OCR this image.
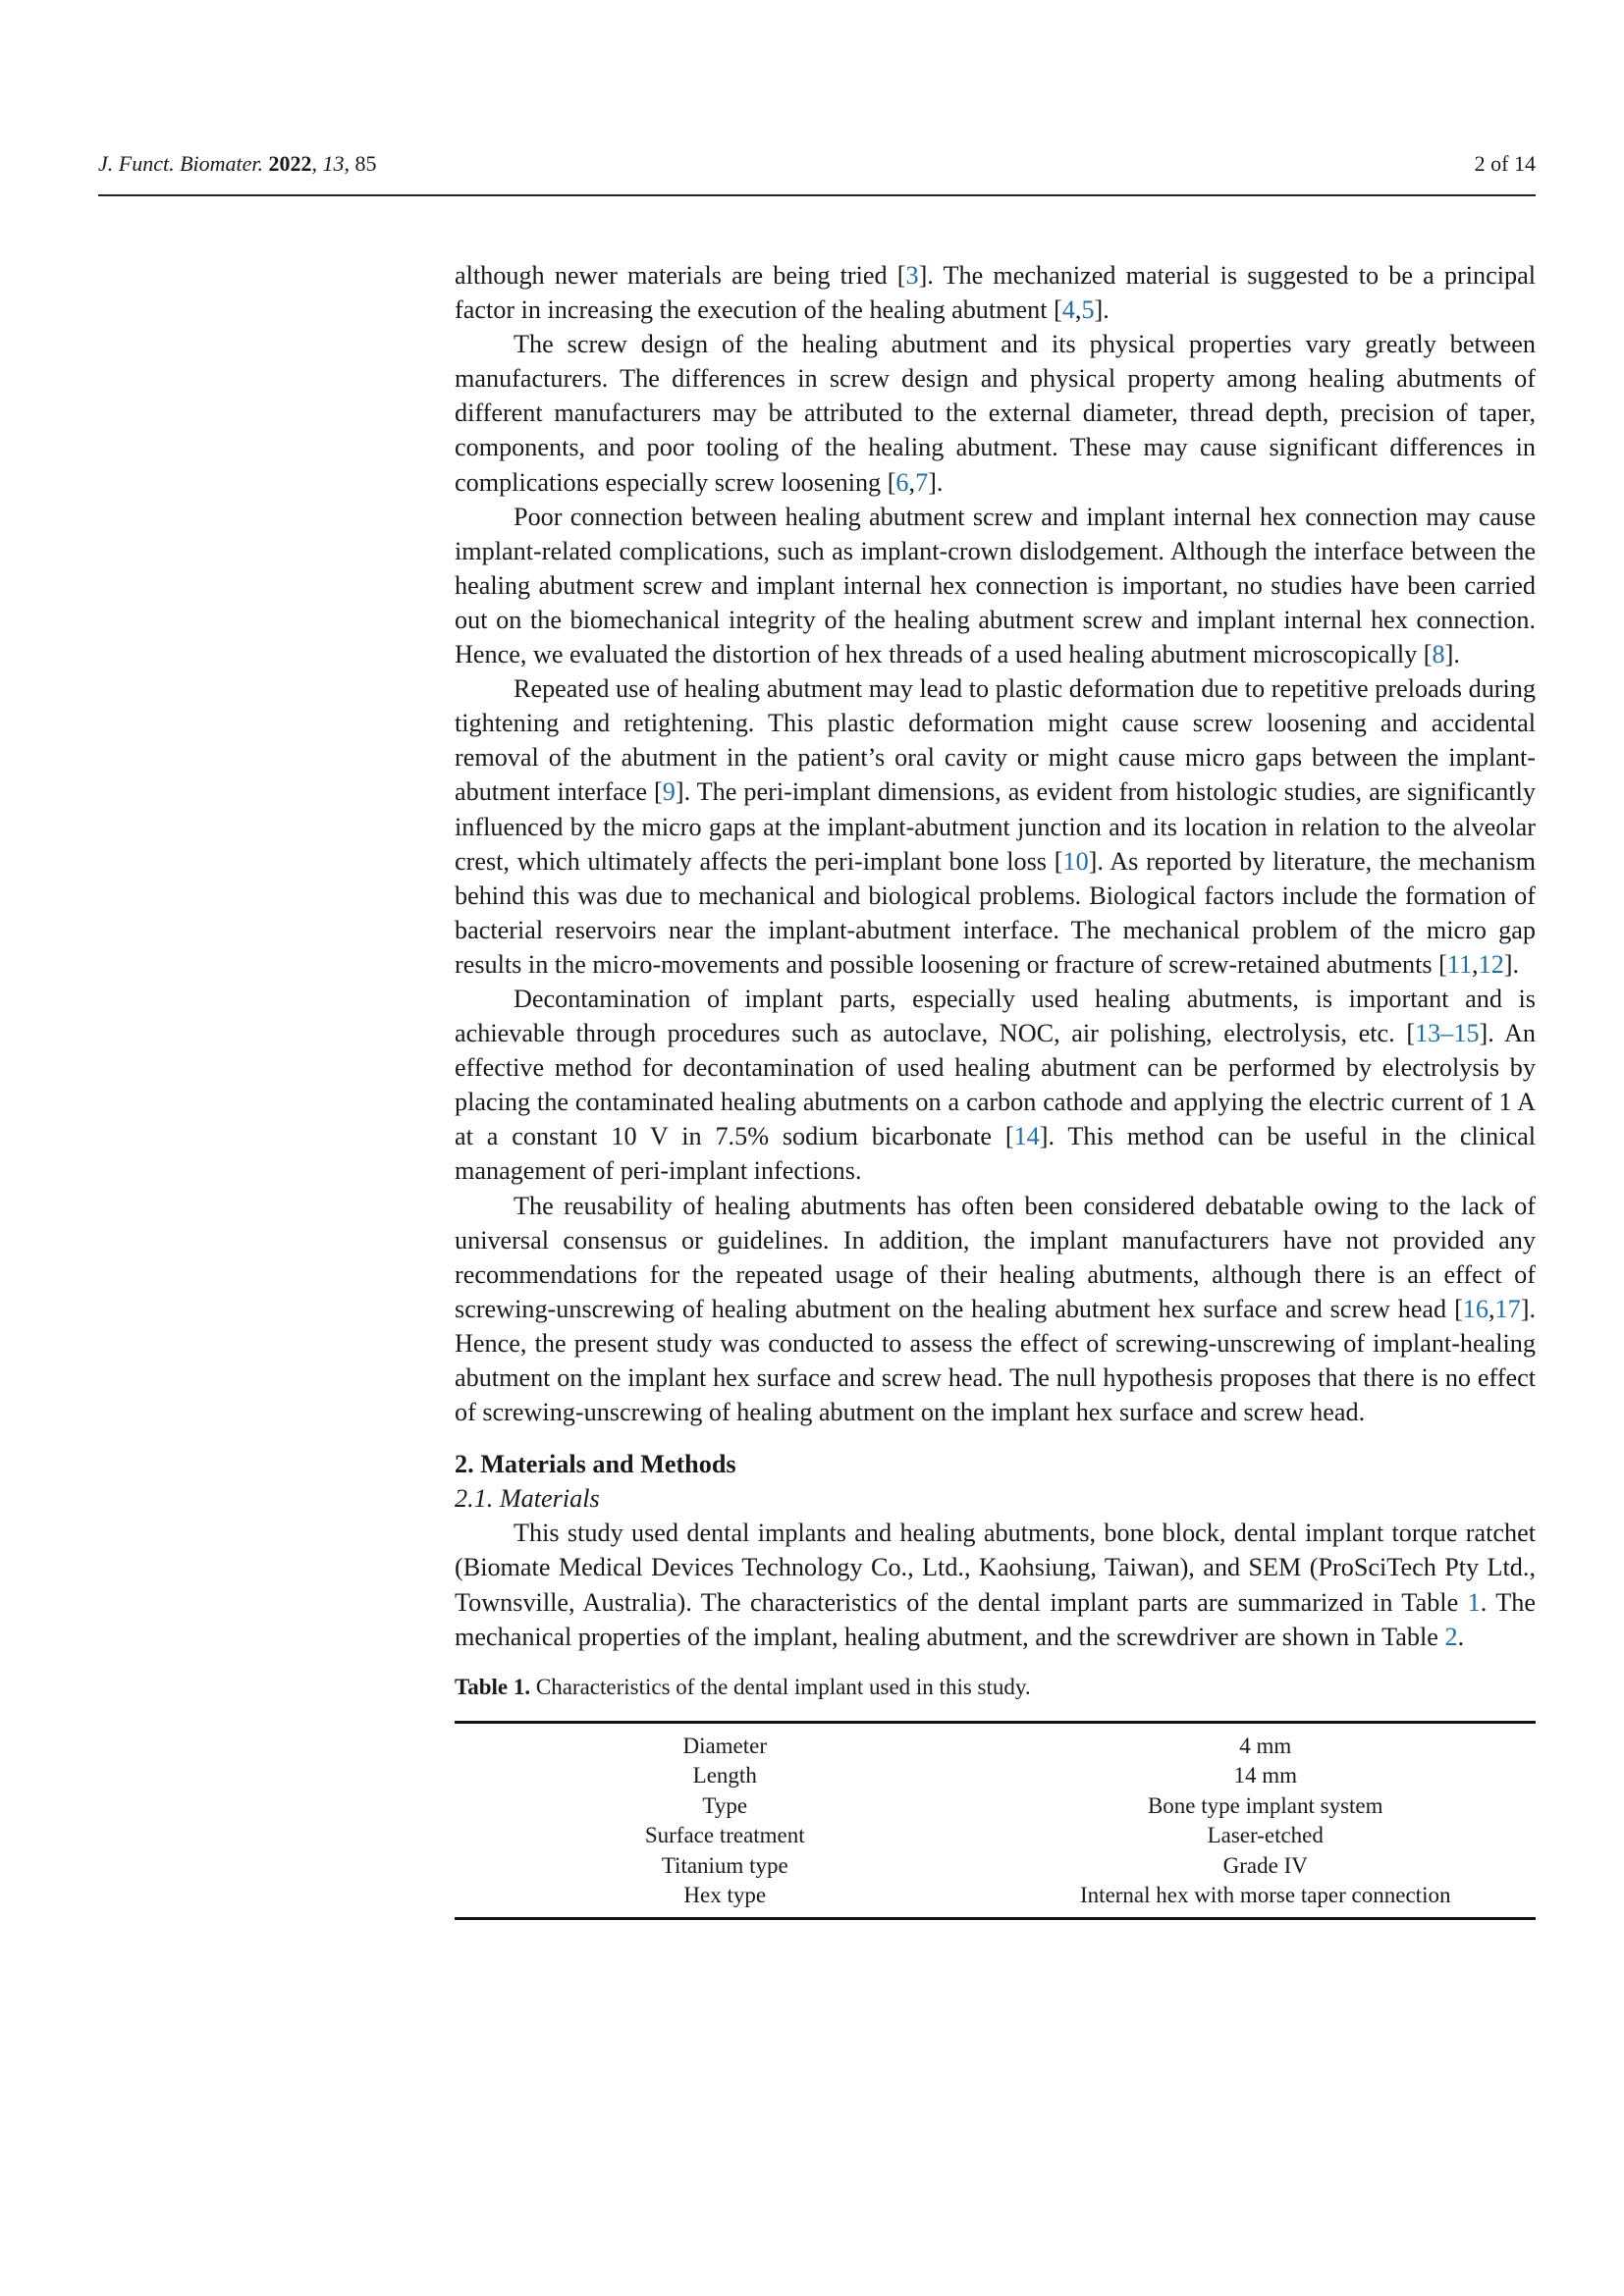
J. Funct. Biomater. 2022, 13, 85	2 of 14

although newer materials are being tried [3]. The mechanized material is suggested to be a principal factor in increasing the execution of the healing abutment [4,5].

The screw design of the healing abutment and its physical properties vary greatly between manufacturers. The differences in screw design and physical property among healing abutments of different manufacturers may be attributed to the external diameter, thread depth, precision of taper, components, and poor tooling of the healing abutment. These may cause significant differences in complications especially screw loosening [6,7].

Poor connection between healing abutment screw and implant internal hex connection may cause implant-related complications, such as implant-crown dislodgement. Although the interface between the healing abutment screw and implant internal hex connection is important, no studies have been carried out on the biomechanical integrity of the healing abutment screw and implant internal hex connection. Hence, we evaluated the distortion of hex threads of a used healing abutment microscopically [8].

Repeated use of healing abutment may lead to plastic deformation due to repetitive preloads during tightening and retightening. This plastic deformation might cause screw loosening and accidental removal of the abutment in the patient’s oral cavity or might cause micro gaps between the implant-abutment interface [9]. The peri-implant dimensions, as evident from histologic studies, are significantly influenced by the micro gaps at the implant-abutment junction and its location in relation to the alveolar crest, which ultimately affects the peri-implant bone loss [10]. As reported by literature, the mechanism behind this was due to mechanical and biological problems. Biological factors include the formation of bacterial reservoirs near the implant-abutment interface. The mechanical problem of the micro gap results in the micro-movements and possible loosening or fracture of screw-retained abutments [11,12].

Decontamination of implant parts, especially used healing abutments, is important and is achievable through procedures such as autoclave, NOC, air polishing, electrolysis, etc. [13–15]. An effective method for decontamination of used healing abutment can be performed by electrolysis by placing the contaminated healing abutments on a carbon cathode and applying the electric current of 1 A at a constant 10 V in 7.5% sodium bicarbonate [14]. This method can be useful in the clinical management of peri-implant infections.

The reusability of healing abutments has often been considered debatable owing to the lack of universal consensus or guidelines. In addition, the implant manufacturers have not provided any recommendations for the repeated usage of their healing abutments, although there is an effect of screwing-unscrewing of healing abutment on the healing abutment hex surface and screw head [16,17]. Hence, the present study was conducted to assess the effect of screwing-unscrewing of implant-healing abutment on the implant hex surface and screw head. The null hypothesis proposes that there is no effect of screwing-unscrewing of healing abutment on the implant hex surface and screw head.

2. Materials and Methods
2.1. Materials

This study used dental implants and healing abutments, bone block, dental implant torque ratchet (Biomate Medical Devices Technology Co., Ltd., Kaohsiung, Taiwan), and SEM (ProSciTech Pty Ltd., Townsville, Australia). The characteristics of the dental implant parts are summarized in Table 1. The mechanical properties of the implant, healing abutment, and the screwdriver are shown in Table 2.

Table 1. Characteristics of the dental implant used in this study.
Diameter	4 mm
Length	14 mm
Type	Bone type implant system
Surface treatment	Laser-etched
Titanium type	Grade IV
Hex type	Internal hex with morse taper connection
